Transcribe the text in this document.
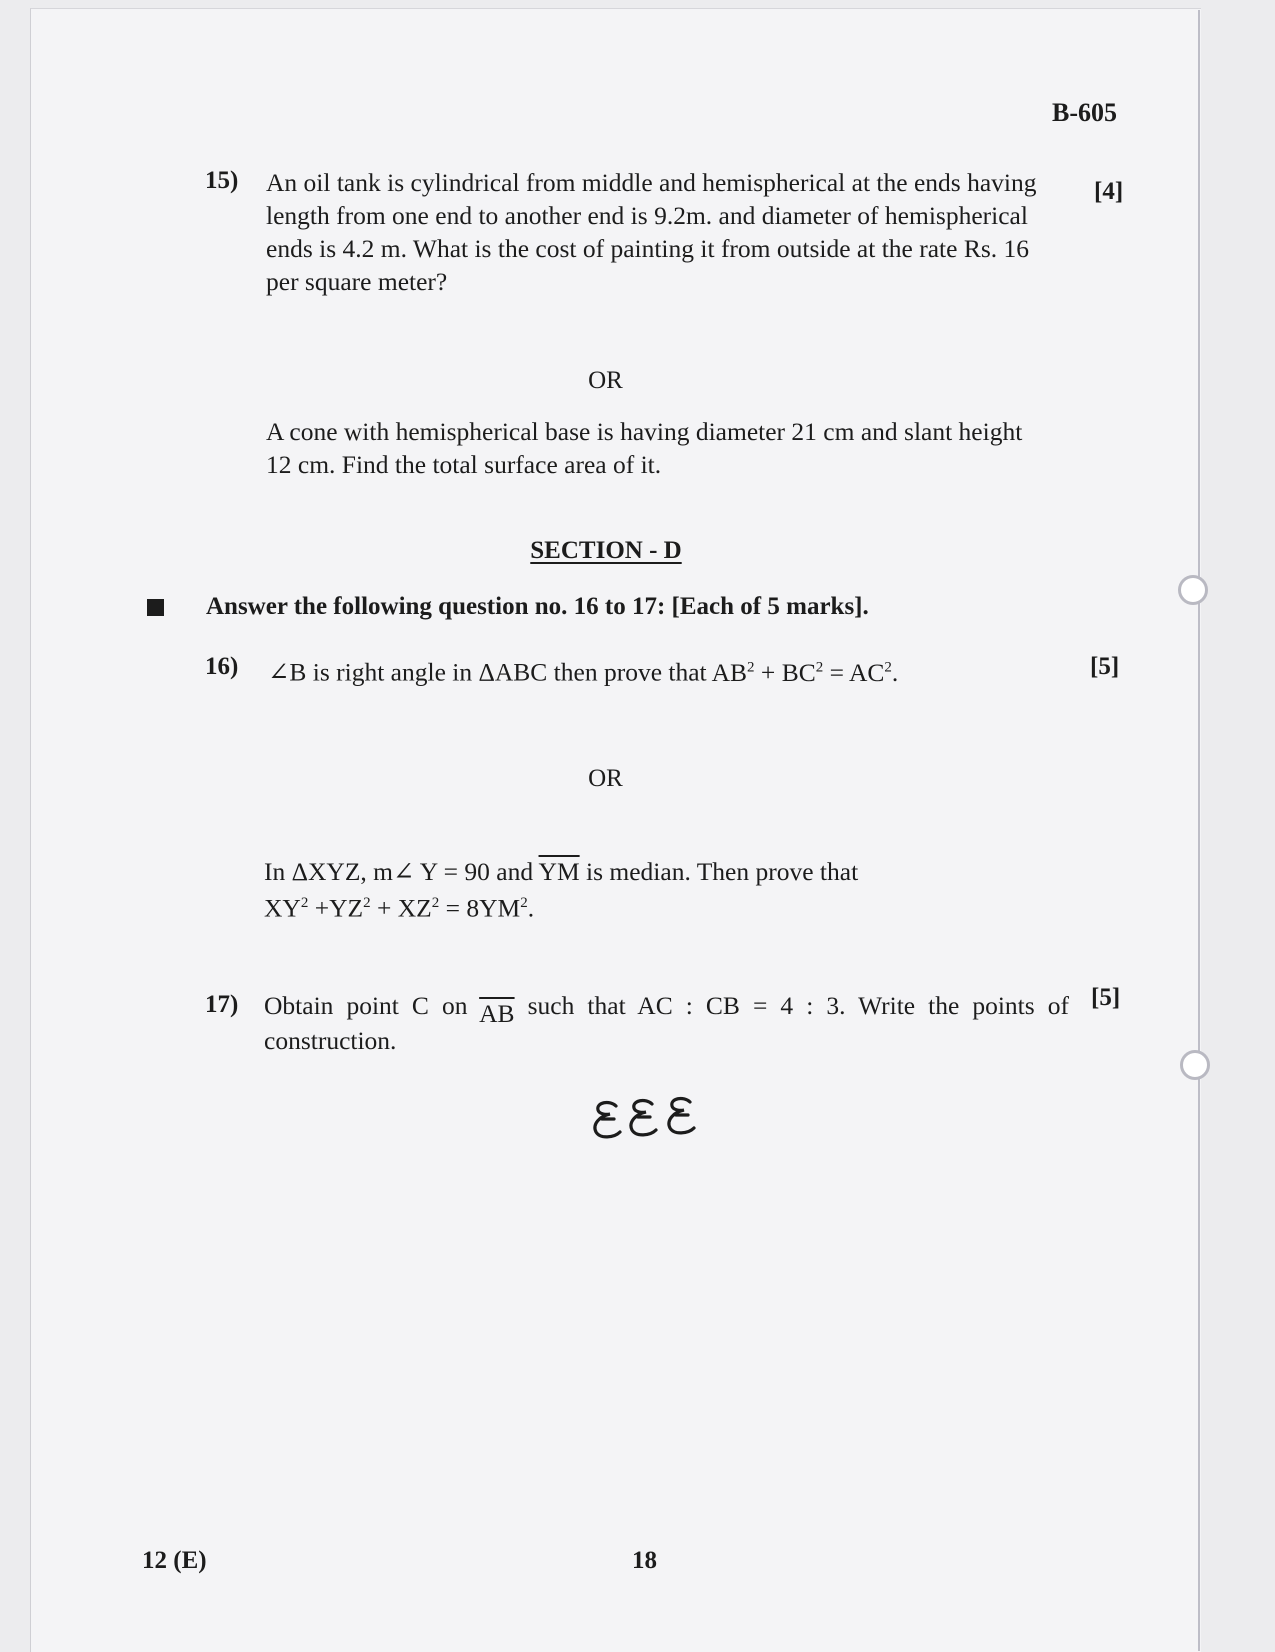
B-605
15) An oil tank is cylindrical from middle and hemispherical at the ends having
length from one end to another end is 9.2m. and diameter of hemispherical
ends is 4.2 m. What is the cost of painting it from outside at the rate Rs. 16
per square meter?
[4]
OR
A cone with hemispherical base is having diameter 21 cm and slant height
12 cm. Find the total surface area of it.
SECTION - D
Answer the following question no. 16 to 17: [Each of 5 marks].
16) ∠B is right angle in ΔABC then prove that $AB^2 + BC^2 = AC^2$.	[5]
OR
In ΔXYZ, m∠ Y = 90 and $\overline{YM}$ is median. Then prove that
$XY^2 +YZ^2 + XZ^2 = 8YM^2$.
17) Obtain point C on $\overline{AB}$ such that AC : CB = 4 : 3. Write the points of
construction.
[5]
12 (E)	18
